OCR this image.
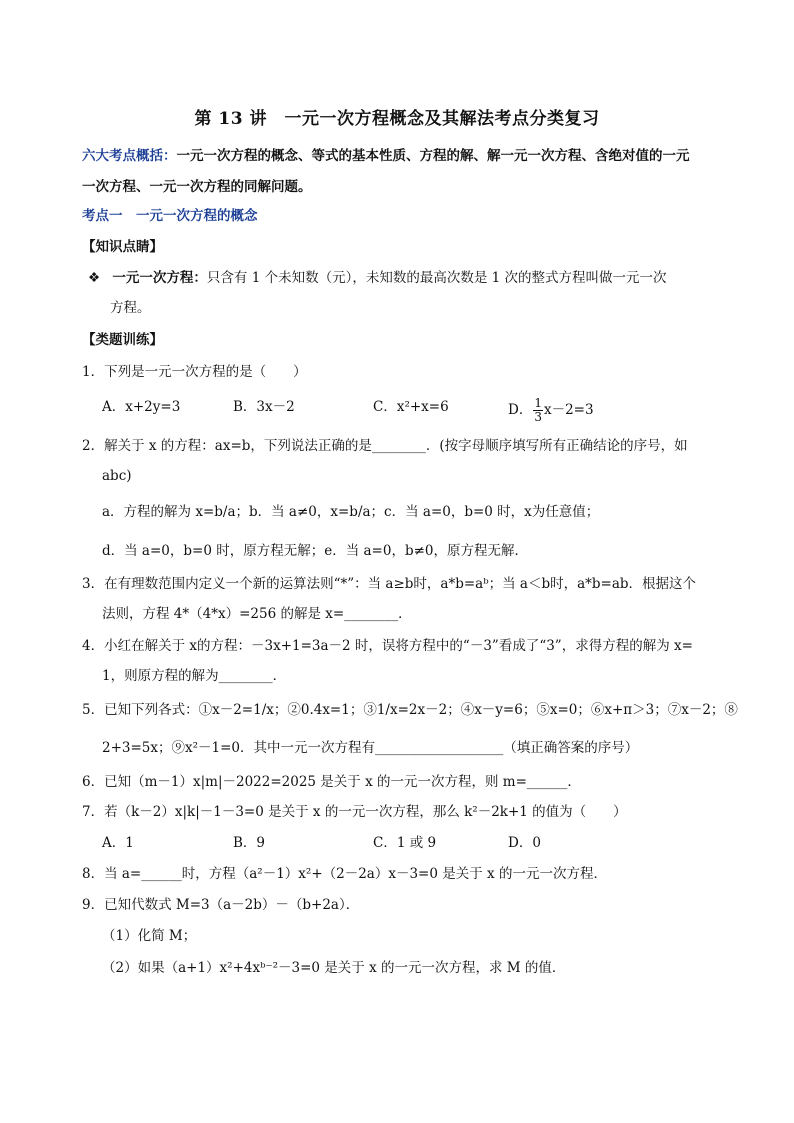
第 13 讲　一元一次方程概念及其解法考点分类复习
六大考点概括：一元一次方程的概念、等式的基本性质、方程的解、解一元一次方程、含绝对值的一元
一次方程、一元一次方程的同解问题。
考点一　一元一次方程的概念
【知识点睛】
❖ 一元一次方程：只含有 1 个未知数（元），未知数的最高次数是 1 次的整式方程叫做一元一次
方程。
【类题训练】
1．下列是一元一次方程的是（　　）
A．x+2y=3	B．3x－2	C．x²+x=6	D． $\frac{1}{3} x-2=3$
2．解关于 x 的方程：ax=b，下列说法正确的是________．(按字母顺序填写所有正确结论的序号，如
abc)
a．方程的解为 x=b/a；b．当 a≠0，x=b/a；c．当 a=0，b=0 时，x为任意值；
d．当 a=0，b=0 时，原方程无解；e．当 a=0，b≠0，原方程无解．
3．在有理数范围内定义一个新的运算法则“*”：当 a≥b时，a*b=aᵇ；当 a＜b时，a*b=ab．根据这个
法则，方程 4*（4*x）=256 的解是 x=________．
4．小红在解关于 x的方程：－3x+1=3a－2 时，误将方程中的“－3”看成了“3”，求得方程的解为 x=
1，则原方程的解为________．
5．已知下列各式：①x－2=1/x；②0.4x=1；③1/x=2x－2；④x－y=6；⑤x=0；⑥x+π＞3；⑦x－2；⑧
2+3=5x；⑨x²－1=0．其中一元一次方程有___________________（填正确答案的序号）
6．已知（m－1）x|m|－2022=2025 是关于 x 的一元一次方程，则 m=______．
7．若（k－2）x|k|－1－3=0 是关于 x 的一元一次方程，那么 k²－2k+1 的值为（　　）
A．1	B．9	C．1 或 9	D．0
8．当 a=______时，方程（a²－1）x²+（2－2a）x－3=0 是关于 x 的一元一次方程．
9．已知代数式 M=3（a－2b）－（b+2a）．
（1）化简 M；
（2）如果（a+1）x²+4xᵇ⁻²－3=0 是关于 x 的一元一次方程，求 M 的值．
